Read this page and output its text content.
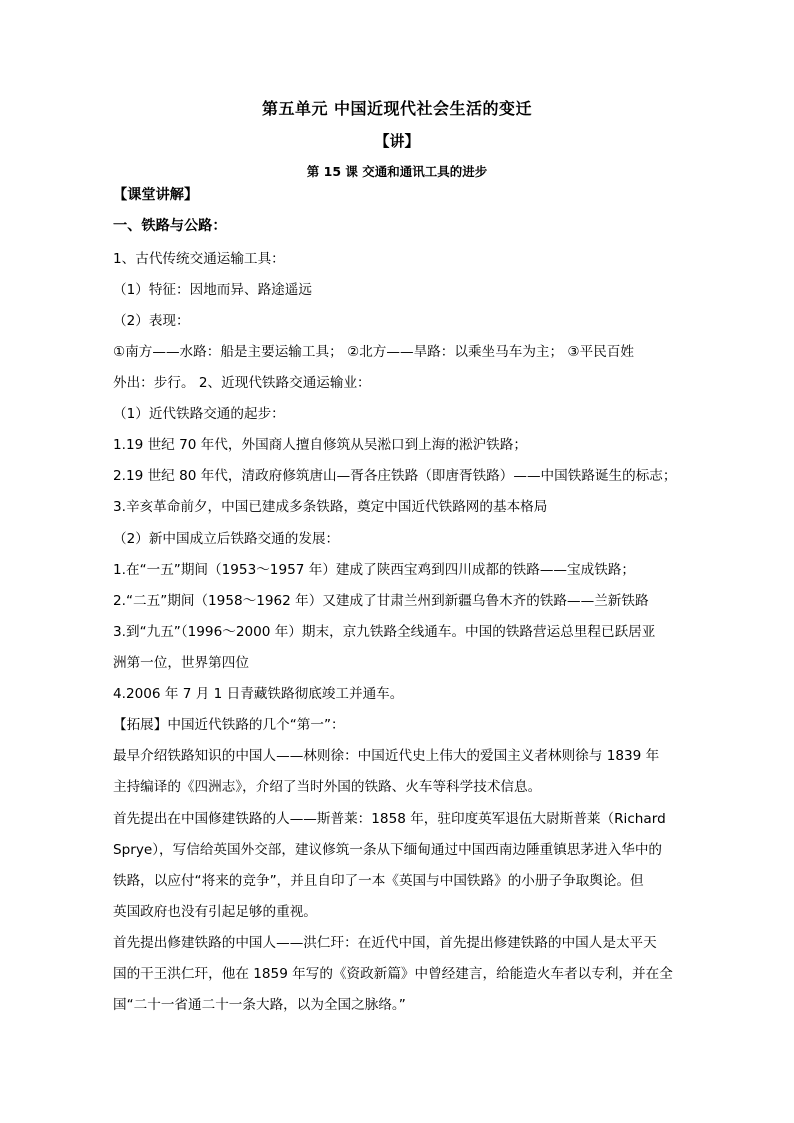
第五单元 中国近现代社会生活的变迁
【讲】
第 15 课 交通和通讯工具的进步
【课堂讲解】
一、铁路与公路：
1、古代传统交通运输工具：
（1）特征：因地而异、路途遥远
（2）表现：
①南方——水路：船是主要运输工具； ②北方——旱路：以乘坐马车为主； ③平民百姓
外出：步行。 2、近现代铁路交通运输业：
（1）近代铁路交通的起步：
1.19 世纪 70 年代，外国商人擅自修筑从吴淞口到上海的淞沪铁路；
2.19 世纪 80 年代，清政府修筑唐山—胥各庄铁路（即唐胥铁路）——中国铁路诞生的标志；
3.辛亥革命前夕，中国已建成多条铁路，奠定中国近代铁路网的基本格局
（2）新中国成立后铁路交通的发展：
1.在“一五”期间（1953～1957 年）建成了陕西宝鸡到四川成都的铁路——宝成铁路；
2.“二五”期间（1958～1962 年）又建成了甘肃兰州到新疆乌鲁木齐的铁路——兰新铁路
3.到“九五”（1996～2000 年）期末，京九铁路全线通车。中国的铁路营运总里程已跃居亚
洲第一位，世界第四位
4.2006 年 7 月 1 日青藏铁路彻底竣工并通车。
【拓展】中国近代铁路的几个“第一”：
最早介绍铁路知识的中国人——林则徐：中国近代史上伟大的爱国主义者林则徐与 1839 年
主持编译的《四洲志》，介绍了当时外国的铁路、火车等科学技术信息。
首先提出在中国修建铁路的人——斯普莱：1858 年，驻印度英军退伍大尉斯普莱（Richard
Sprye），写信给英国外交部，建议修筑一条从下缅甸通过中国西南边陲重镇思茅进入华中的
铁路，以应付“将来的竞争”，并且自印了一本《英国与中国铁路》的小册子争取舆论。但
英国政府也没有引起足够的重视。
首先提出修建铁路的中国人——洪仁玕：在近代中国，首先提出修建铁路的中国人是太平天
国的干王洪仁玕，他在 1859 年写的《资政新篇》中曾经建言，给能造火车者以专利，并在全
国“二十一省通二十一条大路，以为全国之脉络。”
